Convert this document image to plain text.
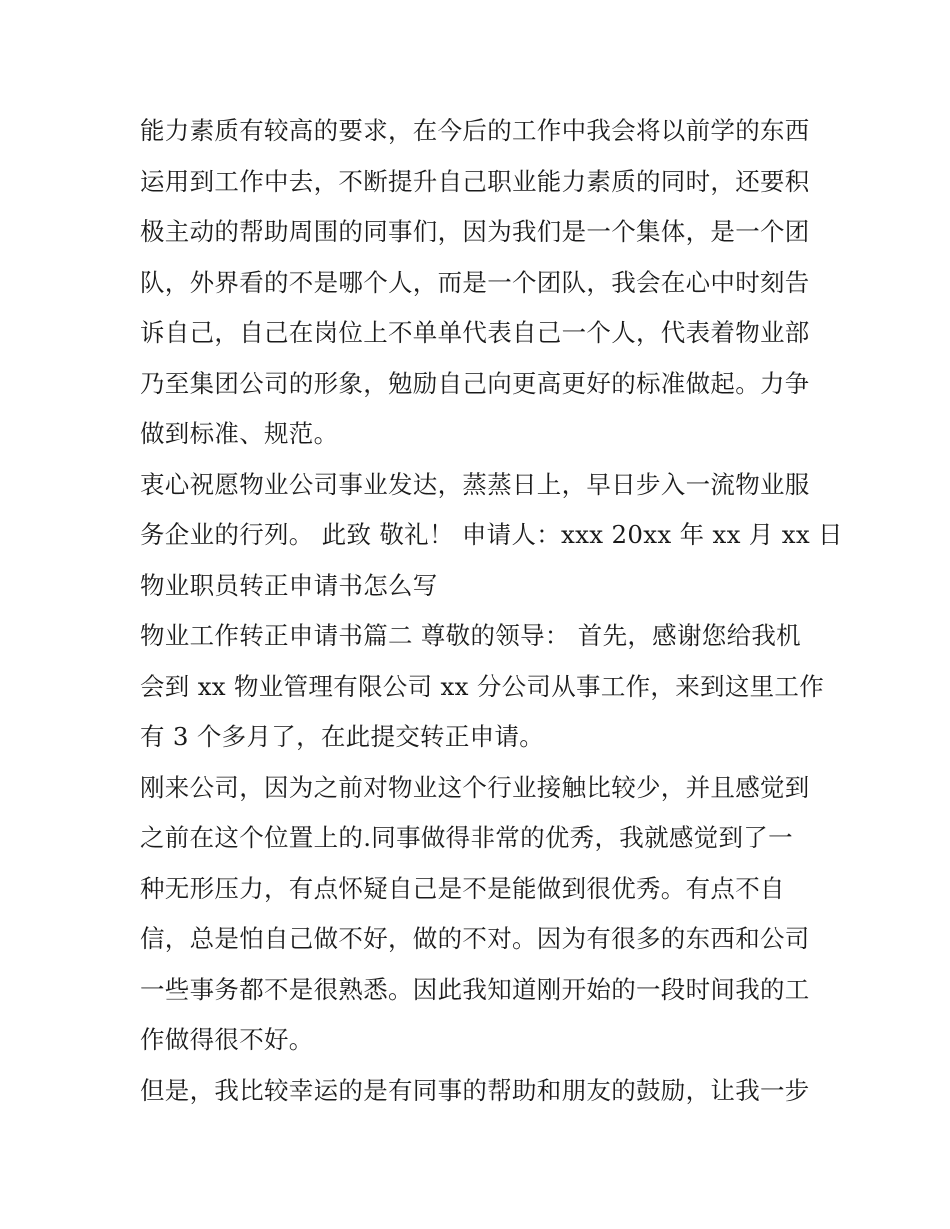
能力素质有较高的要求，在今后的工作中我会将以前学的东西
运用到工作中去，不断提升自己职业能力素质的同时，还要积
极主动的帮助周围的同事们，因为我们是一个集体，是一个团
队，外界看的不是哪个人，而是一个团队，我会在心中时刻告
诉自己，自己在岗位上不单单代表自己一个人，代表着物业部
乃至集团公司的形象，勉励自己向更高更好的标准做起。力争
做到标准、规范。
衷心祝愿物业公司事业发达，蒸蒸日上，早日步入一流物业服
务企业的行列。 此致 敬礼！ 申请人：xxx 20xx 年 xx 月 xx 日
物业职员转正申请书怎么写
物业工作转正申请书篇二 尊敬的领导： 首先，感谢您给我机
会到 xx 物业管理有限公司 xx 分公司从事工作，来到这里工作
有 3 个多月了，在此提交转正申请。
刚来公司，因为之前对物业这个行业接触比较少，并且感觉到
之前在这个位置上的.同事做得非常的优秀，我就感觉到了一
种无形压力，有点怀疑自己是不是能做到很优秀。有点不自
信，总是怕自己做不好，做的不对。因为有很多的东西和公司
一些事务都不是很熟悉。因此我知道刚开始的一段时间我的工
作做得很不好。
但是，我比较幸运的是有同事的帮助和朋友的鼓励，让我一步
